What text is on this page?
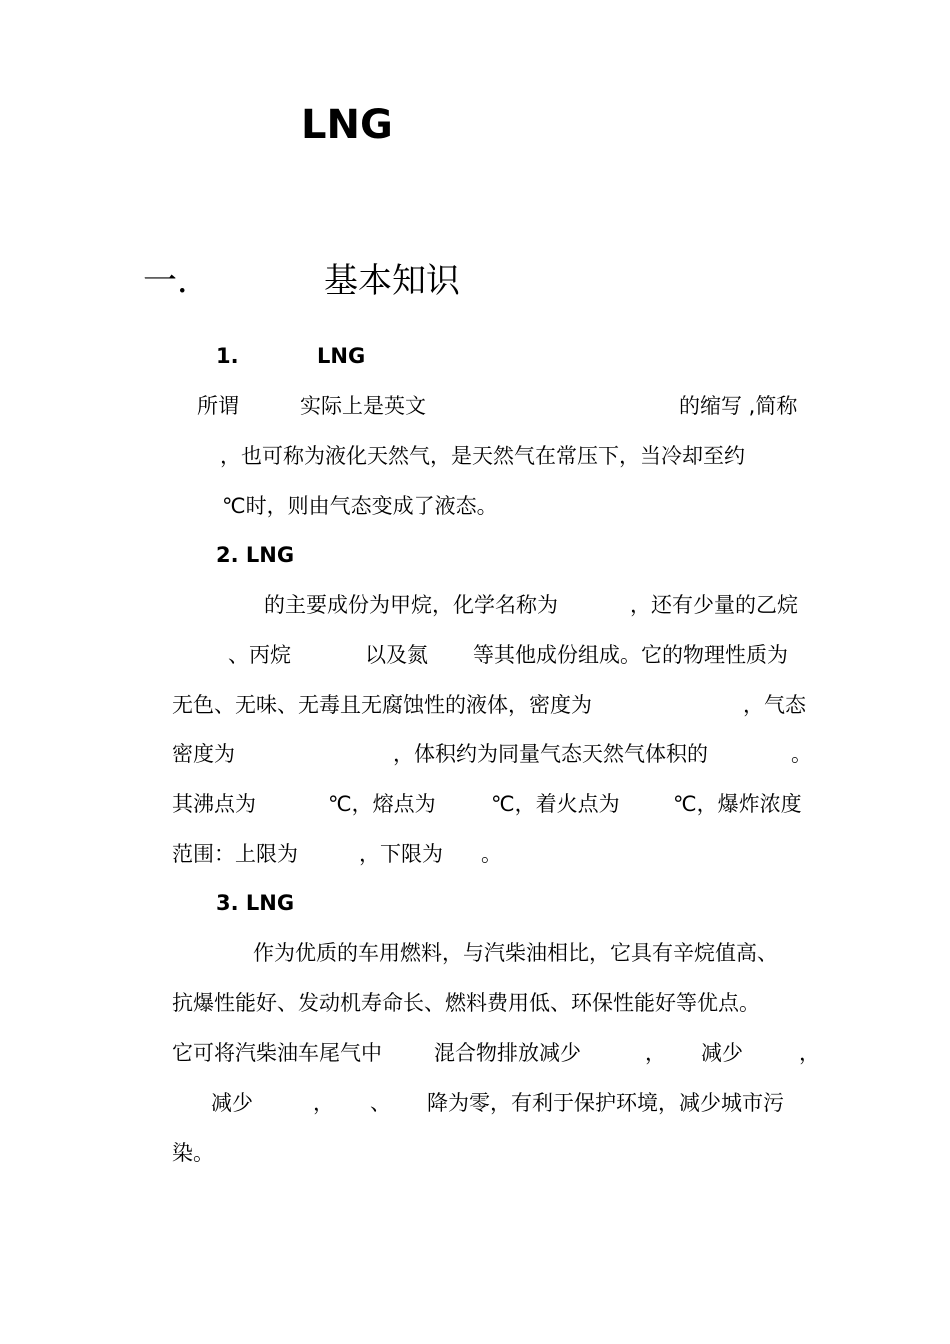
LNG
一．	基本知识
1.	LNG
所谓	实际上是英文	的缩写 ,简称
，也可称为液化天然气，是天然气在常压下，当冷却至约
℃时，则由气态变成了液态。
2. LNG
的主要成份为甲烷，化学名称为	，还有少量的乙烷
、丙烷	以及氮 等其他成份组成。它的物理性质为
无色、无味、无毒且无腐蚀性的液体，密度为	，气态
密度为	，体积约为同量气态天然气体积的	。
其沸点为	℃，熔点为	℃，着火点为	℃，爆炸浓度
范围：上限为	，下限为 。
3. LNG
作为优质的车用燃料，与汽柴油相比，它具有辛烷值高、
抗爆性能好、发动机寿命长、燃料费用低、环保性能好等优点。
它可将汽柴油车尾气中 混合物排放减少	， 减少	，
减少	， 、 降为零，有利于保护环境，减少城市污
染。
